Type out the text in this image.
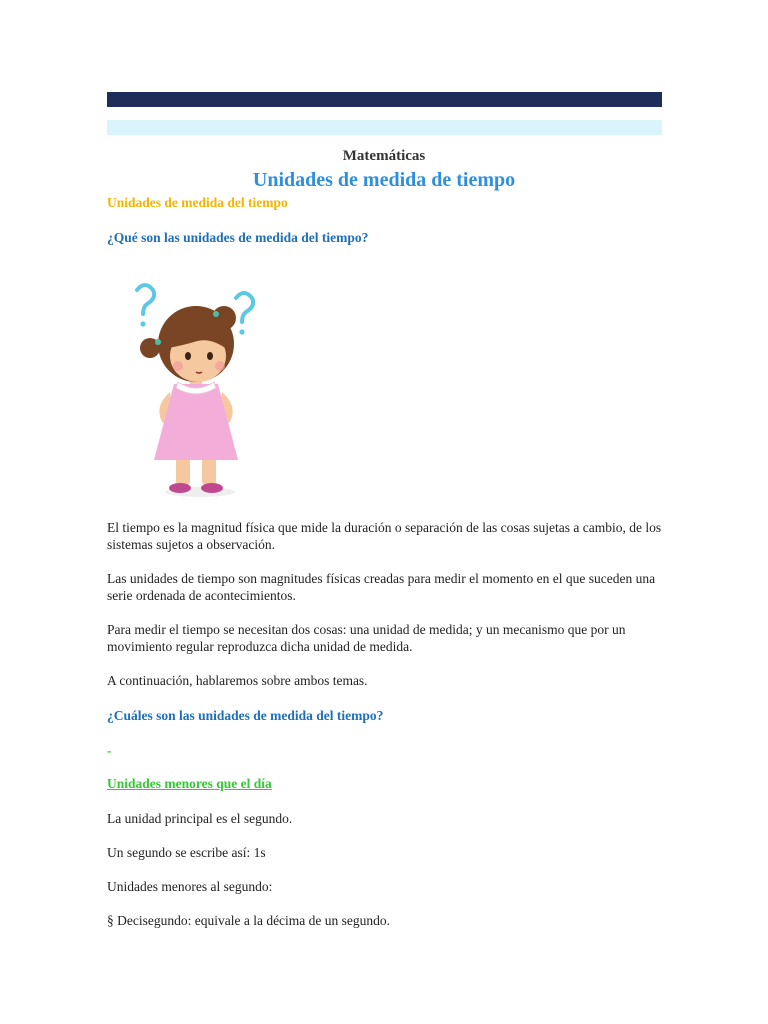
Matemáticas
Unidades de medida de tiempo
Unidades de medida del tiempo
¿Qué son las unidades de medida del tiempo?
El tiempo es la magnitud física que mide la duración o separación de las cosas sujetas a cambio, de los sistemas sujetos a observación.
Las unidades de tiempo son magnitudes físicas creadas para medir el momento en el que suceden una serie ordenada de acontecimientos.
Para medir el tiempo se necesitan dos cosas: una unidad de medida; y un mecanismo que por un movimiento regular reproduzca dicha unidad de medida.
A continuación, hablaremos sobre ambos temas.
¿Cuáles son las unidades de medida del tiempo?
-
Unidades menores que el día
La unidad principal es el segundo.
Un segundo se escribe así: 1s
Unidades menores al segundo:
§ Decisegundo: equivale a la décima de un segundo.
